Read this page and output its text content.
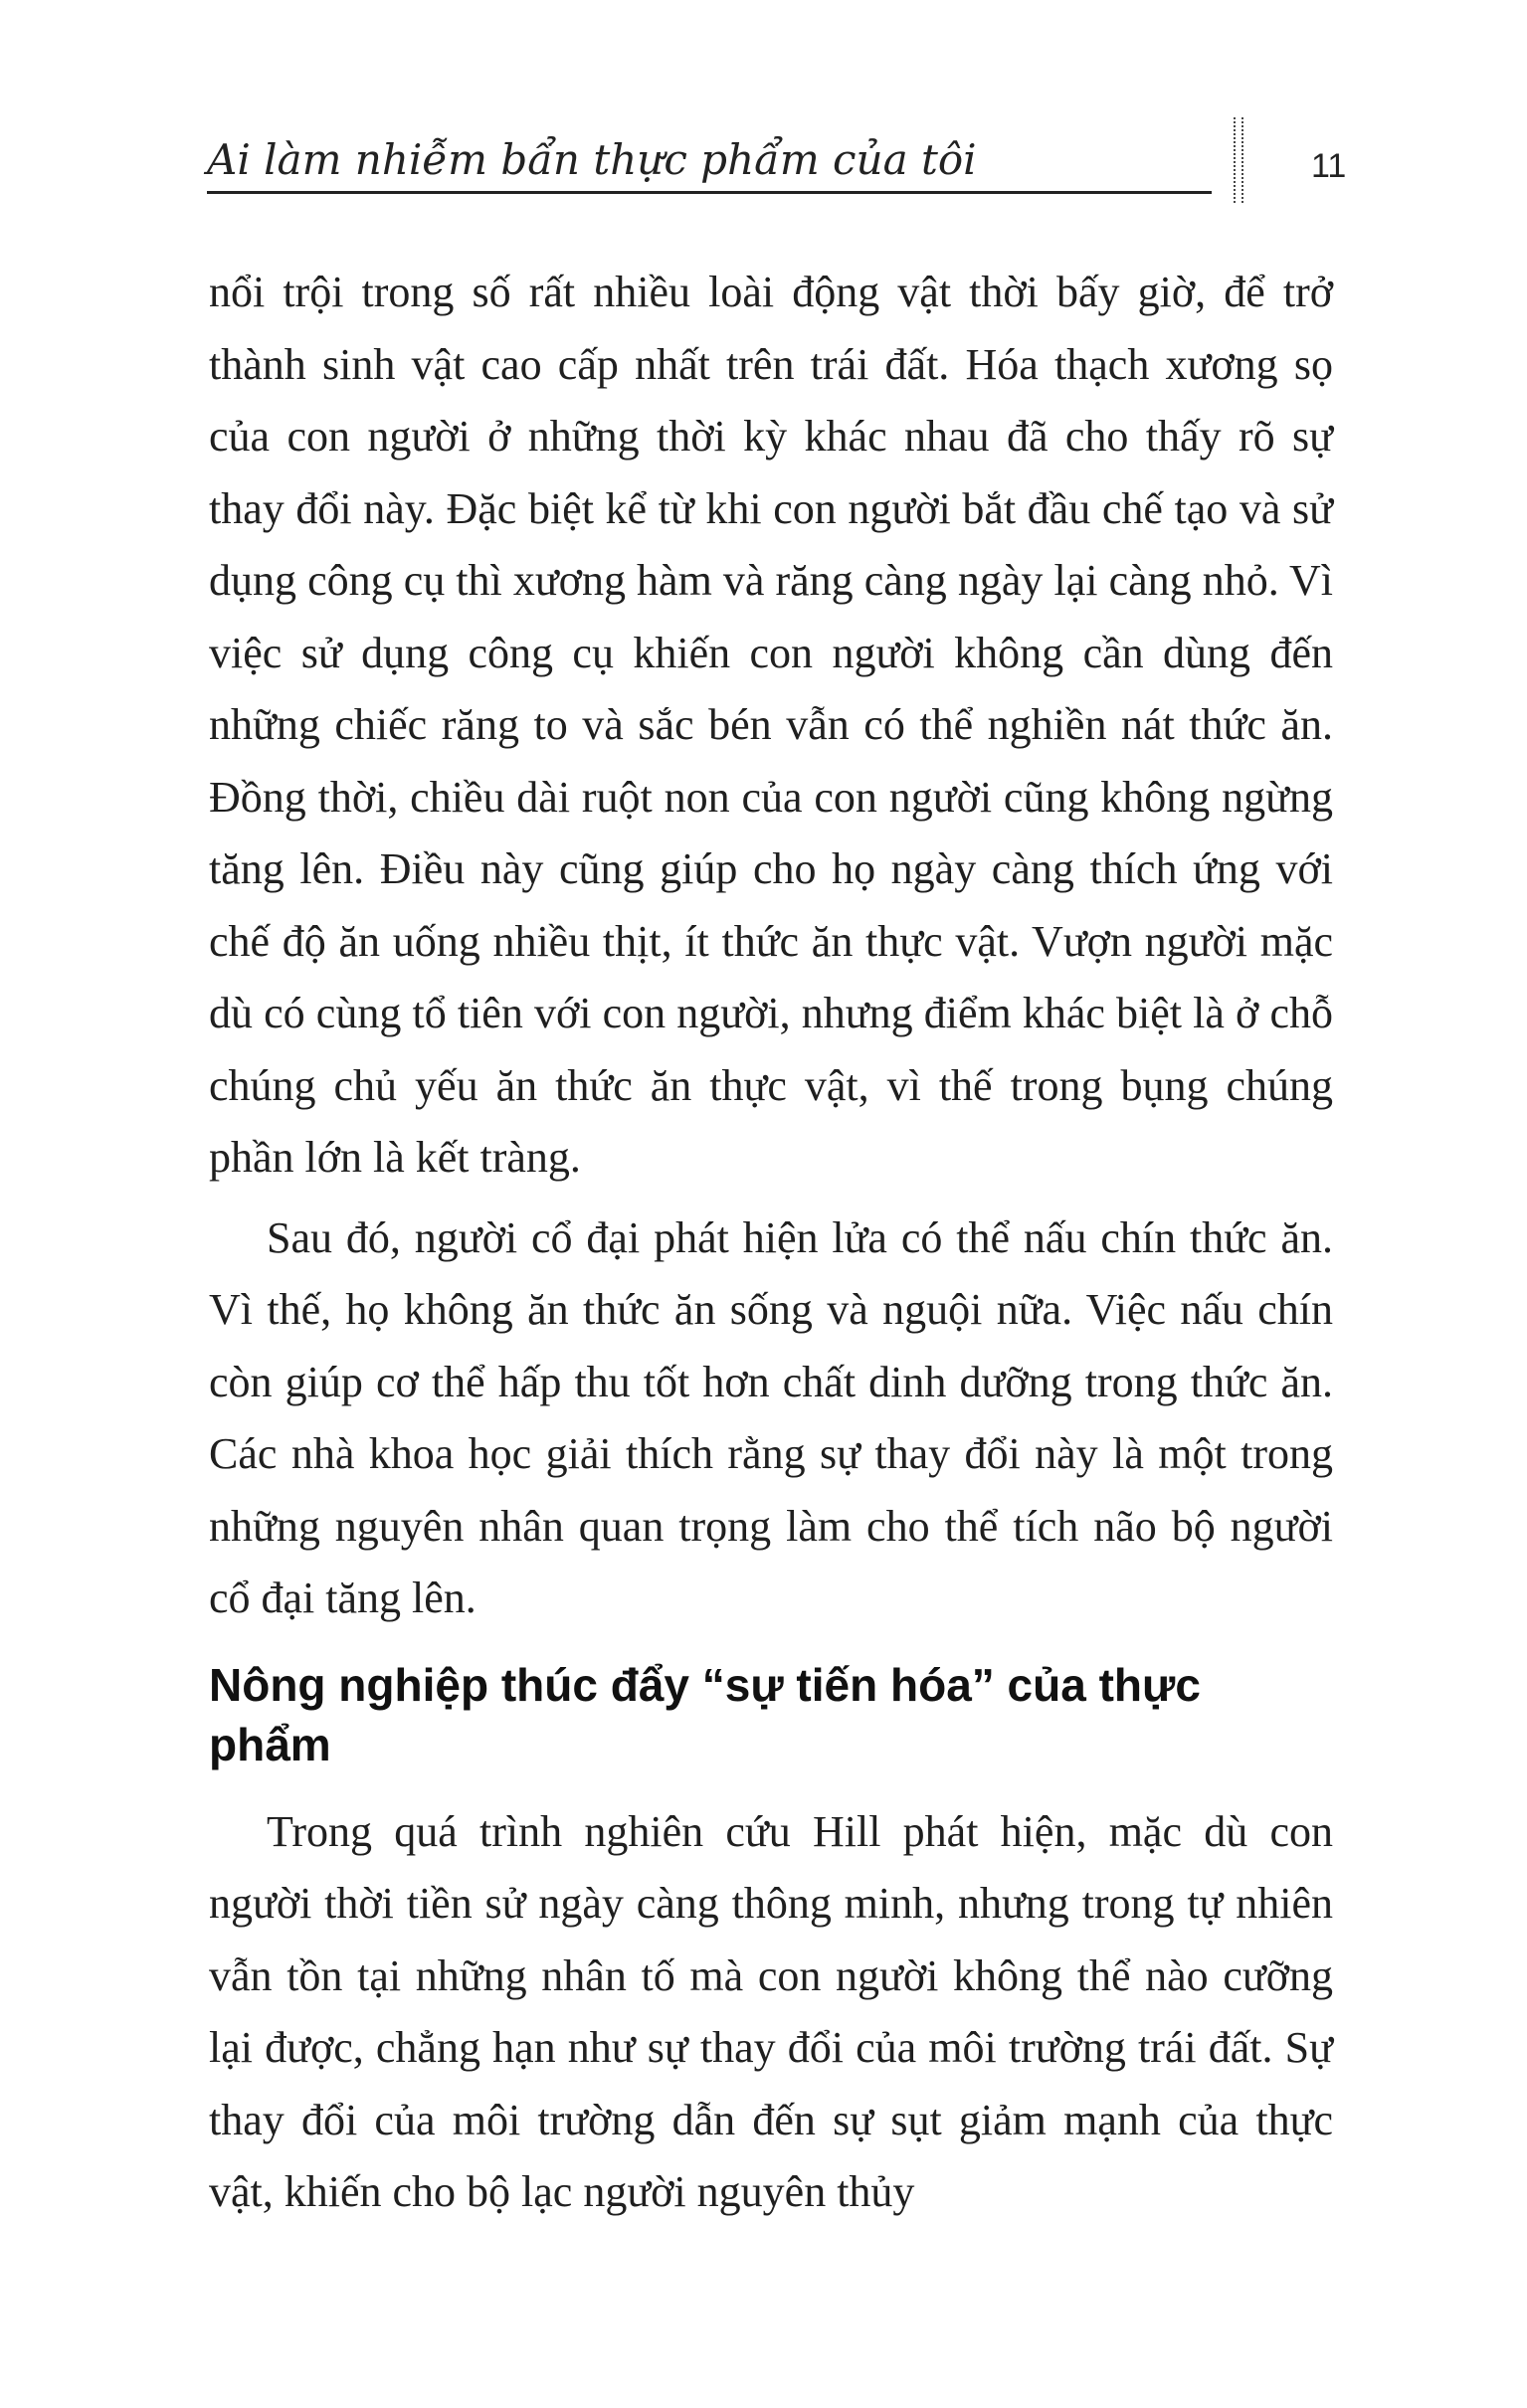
Ai làm nhiễm bẩn thực phẩm của tôi	11

nổi trội trong số rất nhiều loài động vật thời bấy giờ, để trở thành sinh vật cao cấp nhất trên trái đất. Hóa thạch xương sọ của con người ở những thời kỳ khác nhau đã cho thấy rõ sự thay đổi này. Đặc biệt kể từ khi con người bắt đầu chế tạo và sử dụng công cụ thì xương hàm và răng càng ngày lại càng nhỏ. Vì việc sử dụng công cụ khiến con người không cần dùng đến những chiếc răng to và sắc bén vẫn có thể nghiền nát thức ăn. Đồng thời, chiều dài ruột non của con người cũng không ngừng tăng lên. Điều này cũng giúp cho họ ngày càng thích ứng với chế độ ăn uống nhiều thịt, ít thức ăn thực vật. Vượn người mặc dù có cùng tổ tiên với con người, nhưng điểm khác biệt là ở chỗ chúng chủ yếu ăn thức ăn thực vật, vì thế trong bụng chúng phần lớn là kết tràng.

Sau đó, người cổ đại phát hiện lửa có thể nấu chín thức ăn. Vì thế, họ không ăn thức ăn sống và nguội nữa. Việc nấu chín còn giúp cơ thể hấp thu tốt hơn chất dinh dưỡng trong thức ăn. Các nhà khoa học giải thích rằng sự thay đổi này là một trong những nguyên nhân quan trọng làm cho thể tích não bộ người cổ đại tăng lên.

Nông nghiệp thúc đẩy “sự tiến hóa” của thực phẩm

Trong quá trình nghiên cứu Hill phát hiện, mặc dù con người thời tiền sử ngày càng thông minh, nhưng trong tự nhiên vẫn tồn tại những nhân tố mà con người không thể nào cưỡng lại được, chẳng hạn như sự thay đổi của môi trường trái đất. Sự thay đổi của môi trường dẫn đến sự sụt giảm mạnh của thực vật, khiến cho bộ lạc người nguyên thủy
